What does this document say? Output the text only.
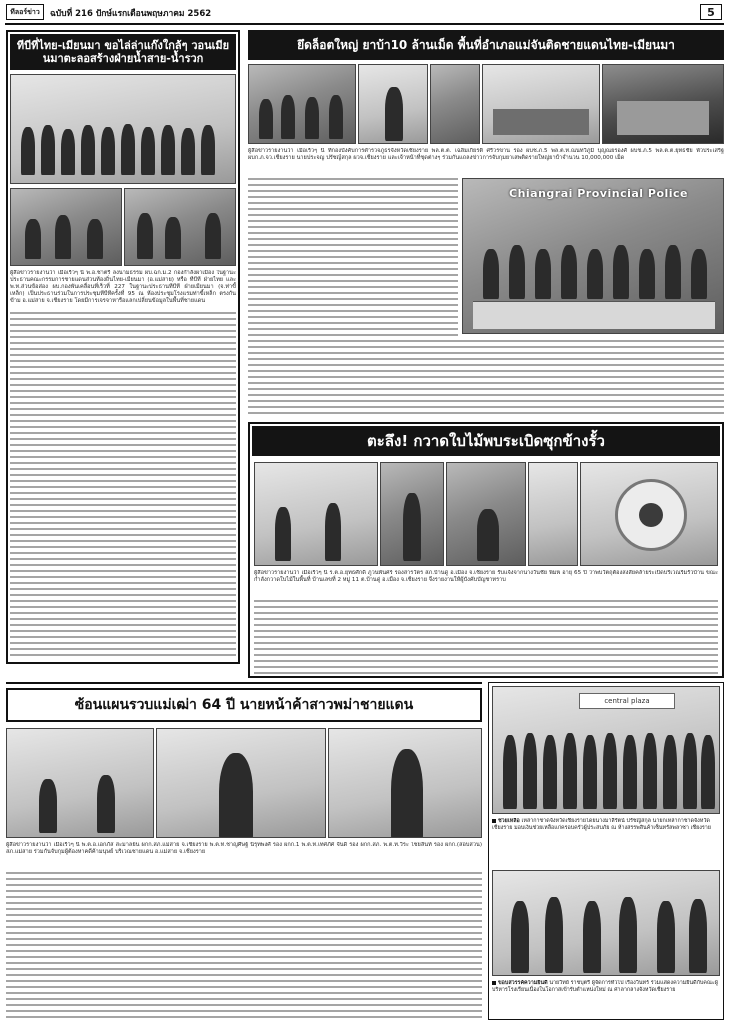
ทีลอร์ข่าว ฉบับที่ 216 ปักษ์แรกเดือนพฤษภาคม 2562	5
ทีบีที่ไทย-เมียนมา ขอไล่ล่าแก๊งใกล้ๆ วอนเมียนมาตะลอสร้างฝ่ายน้ำสาย-น้ำรวก
ผู้สื่อข่าวรายงานว่า เมื่อเร็วๆ นี้ พ.อ.ชาตรี ลงนามธรรม ผบ.ฉก.ม.2 กองกำลังผาเมือง ในฐานะประธานคณะกรรมการชายแดนส่วนท้องถิ่นไทย-เมียนมา (อ.แม่สาย) หรือ ทีบีที ฝ่ายไทย และ พ.ท.ส่วนข้อส่อง ผบ.กองพันเคลื่อนที่เร็วที่ 227 ในฐานะประธานทีบีที ฝ่ายเมียนมา (จ.ท่าขี้เหล็ก) เป็นประธานร่วมในการประชุมทีบีทีครั้งที่ 95 ณ ห้องประชุมโรงแรมท่าขี้เหล็ก ตรงกันข้าม อ.แม่สาย จ.เชียงราย โดยมีการเจรจาหารือแลกเปลี่ยนข้อมูลในพื้นที่ชายแดน
ยึดล็อตใหญ่ ยาบ้า10 ล้านเม็ด พื้นที่อำเภอแม่จันติดชายแดนไทย-เมียนมา
ผู้สื่อข่าวรายงานว่า เมื่อเร็วๆ นี้ ที่กองบังคับการตำรวจภูธรจังหวัดเชียงราย พล.ต.ต. เฉลิมเกียรติ ศรีวรขาน รอง ผบช.ภ.5 พล.ต.ท.ณนทวีภูมิ บุญณยรองศ์ ผบช.ภ.5 พล.ต.ต.ยุทธชัย พัวประเสริฐ ผบก.ภ.จว.เชียงราย นายประจญ ปรัชญ์สกุล ผวจ.เชียงราย และเจ้าหน้าที่ชุดต่างๆ ร่วมกันแถลงข่าวการจับกุมยาเสพติดรายใหญ่ยาบ้าจำนวน 10,000,000 เม็ด
Chiangrai Provincial Police
ตะลึง! กวาดใบไม้พบระเบิดซุกข้างรั้ว
ผู้สื่อข่าวรายงานว่า เมื่อเร็วๆ นี้ ร.ต.อ.ยุทธศักดิ์ ภูวนพันศร์ รองสารวัตร สภ.บ้านดู่ อ.เมือง จ.เชียงราย รับแจ้งจากนางวันชัย พิมพ์ อายุ 65 ปี ว่าพบวัตถุต้องสงสัยคล้ายระเบิดบริเวณริมรั้วบ้าน ขณะกำลังกวาดใบไม้ในพื้นที่ บ้านเลขที่ 2 หมู่ 11 ต.บ้านดู่ อ.เมือง จ.เชียงราย จึงรายงานให้ผู้บังคับบัญชาทราบ
ซ้อนแผนรวบแม่เฒ่า 64 ปี นายหน้าค้าสาวพม่าชายแดน
ผู้สื่อข่าวรายงานว่า เมื่อเร็วๆ นี้ พ.ต.อ.เอกภัส สะมาลย์ัน ผกก.สภ.แม่สาย จ.เชียงราย พ.ต.ท.ชาญศิษฐ์ นิรุทพงศ์ รอง ผกก.1 พ.ต.ท.เทศภัศ จันดี รอง ผกก.สภ. พ.ต.ท.วีระ ไชยลึ่นท์ รอง ผกก.(สอบสวน) สภ.แม่สาย ร่วมกันจับกุมผู้ต้องหาคดีค้ามนุษย์ บริเวณชายแดน อ.แม่สาย จ.เชียงราย
central plaza
ช่วยเหลือ เหล่ากาชาดจังหวัดเชียงรายโดยนางมาลีรัตน์ ปรัชญ์สกุล นายกเหล่ากาชาดจังหวัดเชียงราย มอบเงินช่วยเหลือแก่ครอบครัวผู้ประสบภัย ณ ห้างสรรพสินค้าเซ็นทรัลพลาซา เชียงราย
ขอบสวรรค์ความยินดี นายวิทย์ ราชบุตรี ผู้จัดการทั่วไป เรืองวิ่นทร์ ร่วมแสดงความยินดีกับคณะผู้บริหารโรงเรียนเนื่องในโอกาสเข้ารับตำแหน่งใหม่ ณ ศาลากลางจังหวัดเชียงราย
